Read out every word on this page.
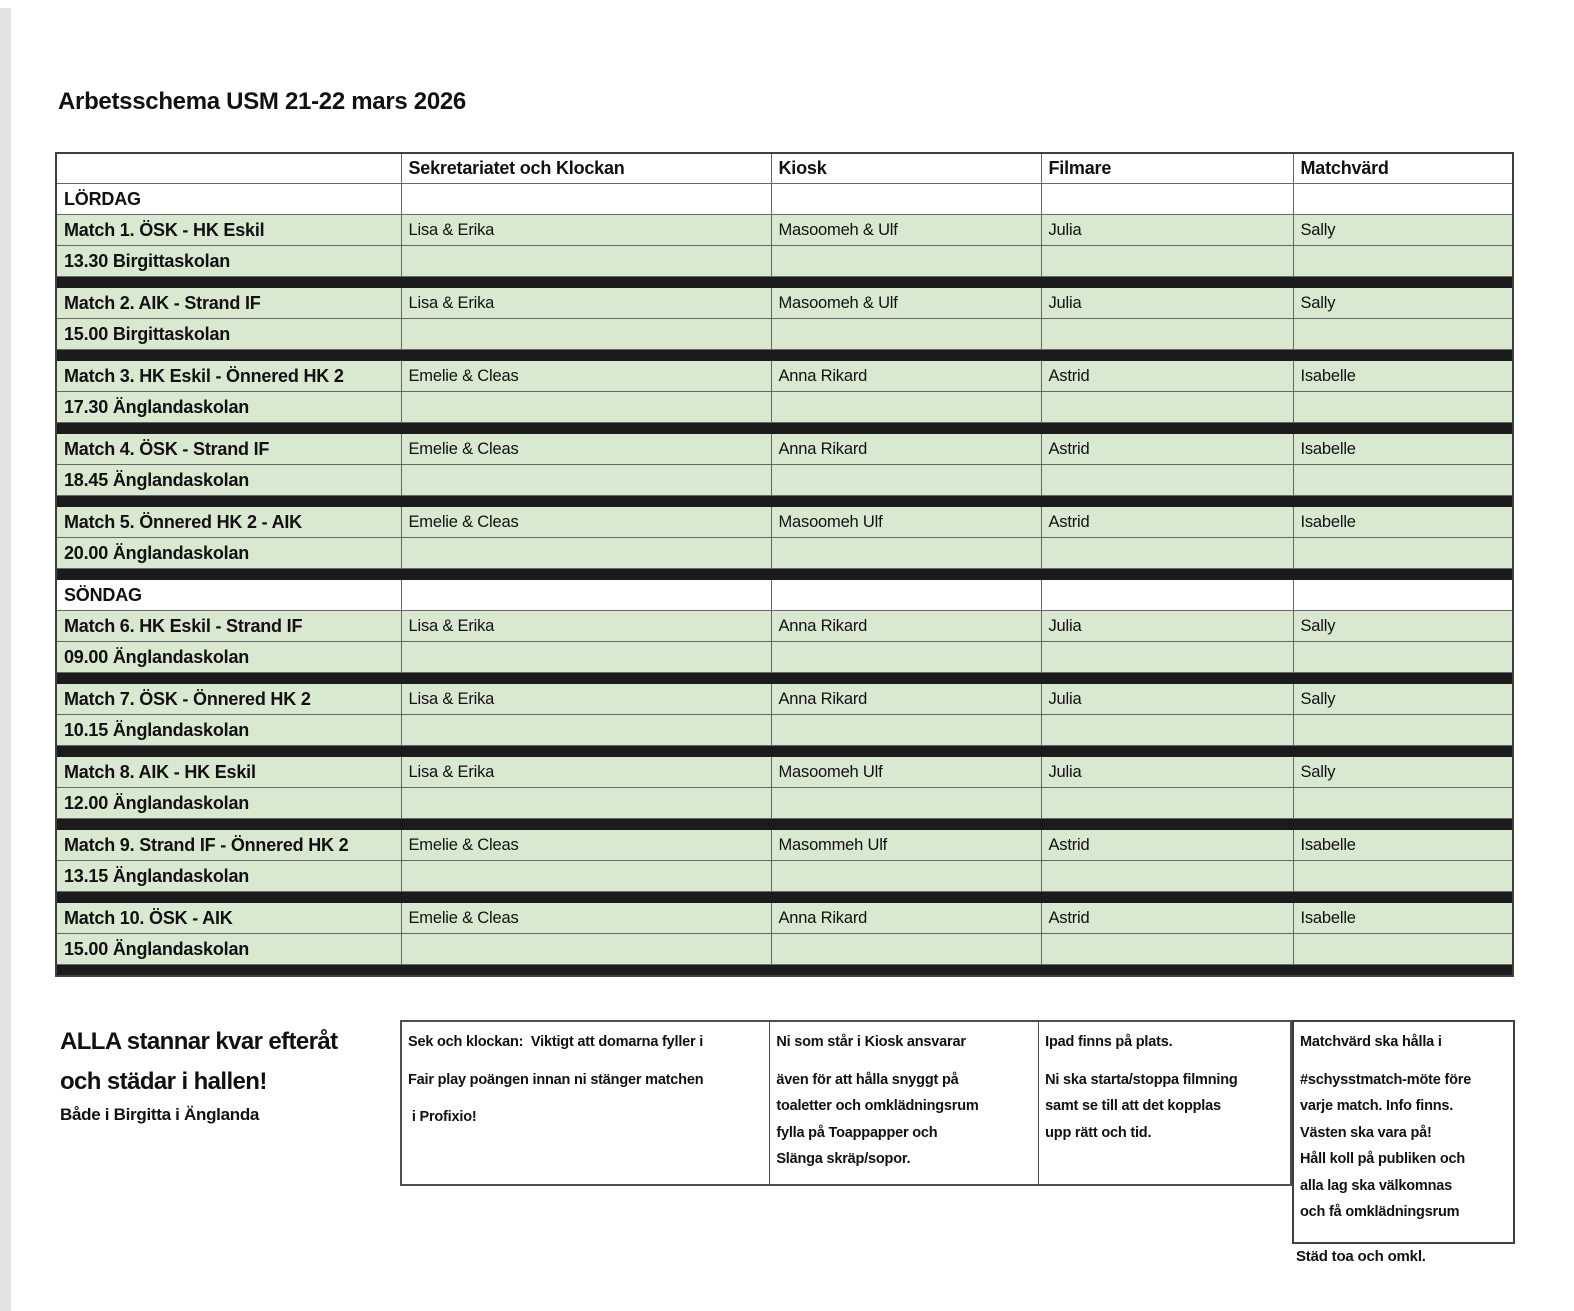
Arbetsschema USM 21-22 mars 2026
	Sekretariatet och Klockan	Kiosk	Filmare	Matchvärd
LÖRDAG				
Match 1. ÖSK - HK Eskil	Lisa & Erika	Masoomeh & Ulf	Julia	Sally
13.30 Birgittaskolan				

Match 2. AIK - Strand IF	Lisa & Erika	Masoomeh & Ulf	Julia	Sally
15.00 Birgittaskolan				

Match 3. HK Eskil - Önnered HK 2	Emelie & Cleas	Anna Rikard	Astrid	Isabelle
17.30 Änglandaskolan				

Match 4. ÖSK - Strand IF	Emelie & Cleas	Anna Rikard	Astrid	Isabelle
18.45 Änglandaskolan				

Match 5. Önnered HK 2 - AIK	Emelie & Cleas	Masoomeh Ulf	Astrid	Isabelle
20.00 Änglandaskolan				

SÖNDAG				
Match 6. HK Eskil - Strand IF	Lisa & Erika	Anna Rikard	Julia	Sally
09.00 Änglandaskolan				

Match 7. ÖSK - Önnered HK 2	Lisa & Erika	Anna Rikard	Julia	Sally
10.15 Änglandaskolan				

Match 8. AIK - HK Eskil	Lisa & Erika	Masoomeh Ulf	Julia	Sally
12.00 Änglandaskolan				

Match 9. Strand IF - Önnered HK 2	Emelie & Cleas	Masommeh Ulf	Astrid	Isabelle
13.15 Änglandaskolan				

Match 10. ÖSK - AIK	Emelie & Cleas	Anna Rikard	Astrid	Isabelle
15.00 Änglandaskolan				

ALLA stannar kvar efteråt
och städar i hallen!
Både i Birgitta i Änglanda
Sek och klockan:  Viktigt att domarna fyller i
Fair play poängen innan ni stänger matchen
i Profixio!
Ni som står i Kiosk ansvarar
även för att hålla snyggt på
toaletter och omklädningsrum
fylla på Toappapper och
Slänga skräp/sopor.
Ipad finns på plats.
Ni ska starta/stoppa filmning
samt se till att det kopplas
upp rätt och tid.
Matchvärd ska hålla i
#schysstmatch-möte före
varje match. Info finns.
Västen ska vara på!
Håll koll på publiken och
alla lag ska välkomnas
och få omklädningsrum
Städ toa och omkl.
